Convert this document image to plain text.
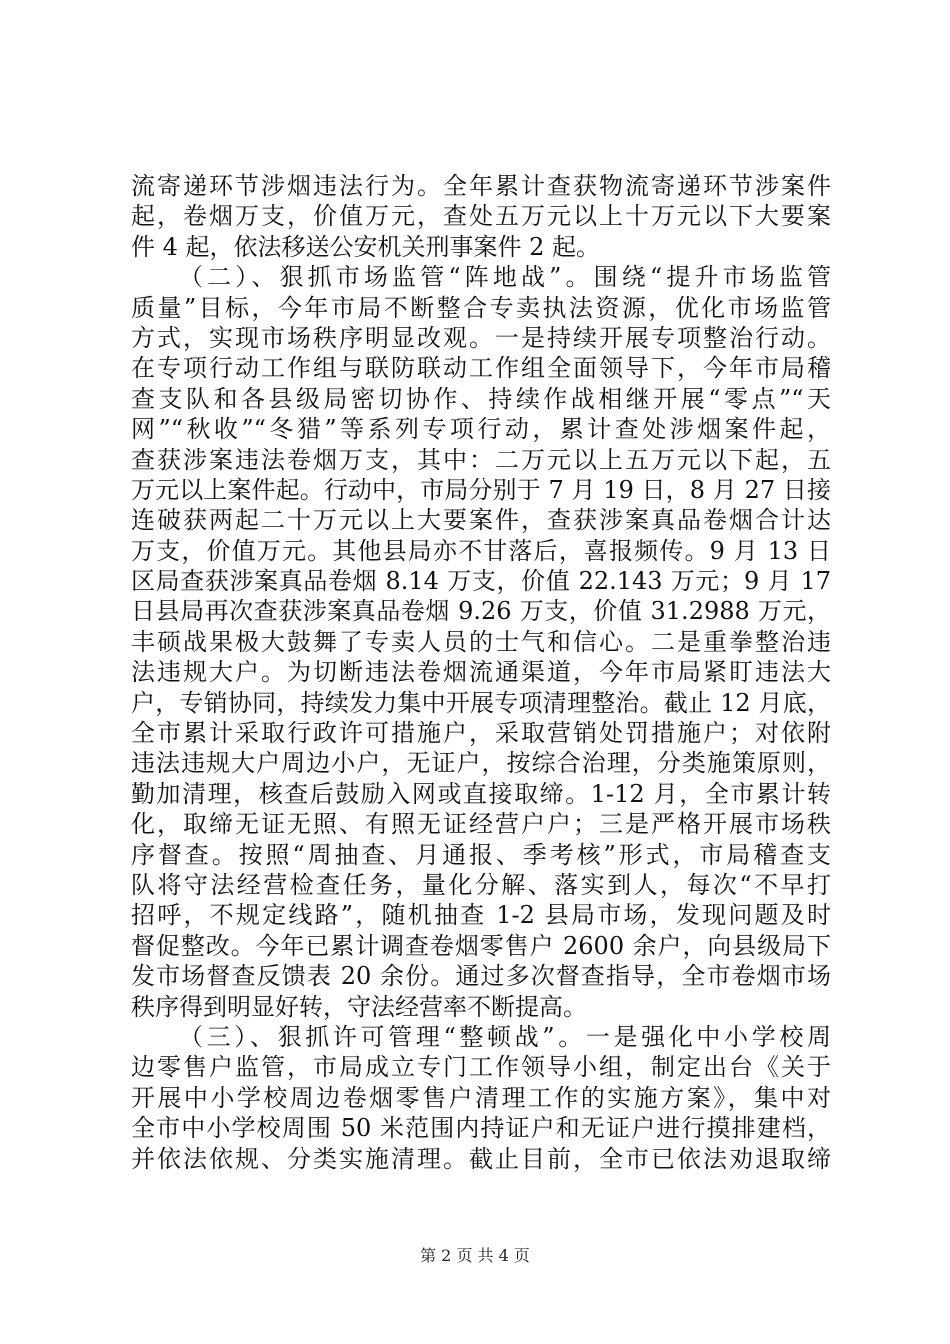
流寄递环节涉烟违法行为。全年累计查获物流寄递环节涉案件
起，卷烟万支，价值万元，查处五万元以上十万元以下大要案
件 4 起，依法移送公安机关刑事案件 2 起。
（二）、狠抓市场监管“阵地战”。围绕“提升市场监管
质量”目标，今年市局不断整合专卖执法资源，优化市场监管
方式，实现市场秩序明显改观。一是持续开展专项整治行动。
在专项行动工作组与联防联动工作组全面领导下，今年市局稽
查支队和各县级局密切协作、持续作战相继开展“零点”“天
网”“秋收”“冬猎”等系列专项行动，累计查处涉烟案件起，
查获涉案违法卷烟万支，其中：二万元以上五万元以下起，五
万元以上案件起。行动中，市局分别于 7 月 19 日，8 月 27 日接
连破获两起二十万元以上大要案件，查获涉案真品卷烟合计达
万支，价值万元。其他县局亦不甘落后，喜报频传。9 月 13 日
区局查获涉案真品卷烟 8.14 万支，价值 22.143 万元；9 月 17
日县局再次查获涉案真品卷烟 9.26 万支，价值 31.2988 万元，
丰硕战果极大鼓舞了专卖人员的士气和信心。二是重拳整治违
法违规大户。为切断违法卷烟流通渠道，今年市局紧盯违法大
户，专销协同，持续发力集中开展专项清理整治。截止 12 月底，
全市累计采取行政许可措施户，采取营销处罚措施户；对依附
违法违规大户周边小户，无证户，按综合治理，分类施策原则，
勤加清理，核查后鼓励入网或直接取缔。1-12 月，全市累计转
化，取缔无证无照、有照无证经营户户；三是严格开展市场秩
序督查。按照“周抽查、月通报、季考核”形式，市局稽查支
队将守法经营检查任务，量化分解、落实到人，每次“不早打
招呼，不规定线路”，随机抽查 1-2 县局市场，发现问题及时
督促整改。今年已累计调查卷烟零售户 2600 余户，向县级局下
发市场督查反馈表 20 余份。通过多次督查指导，全市卷烟市场
秩序得到明显好转，守法经营率不断提高。
（三）、狠抓许可管理“整顿战”。一是强化中小学校周
边零售户监管，市局成立专门工作领导小组，制定出台《关于
开展中小学校周边卷烟零售户清理工作的实施方案》，集中对
全市中小学校周围 50 米范围内持证户和无证户进行摸排建档，
并依法依规、分类实施清理。截止目前，全市已依法劝退取缔
第 2 页 共 4 页
